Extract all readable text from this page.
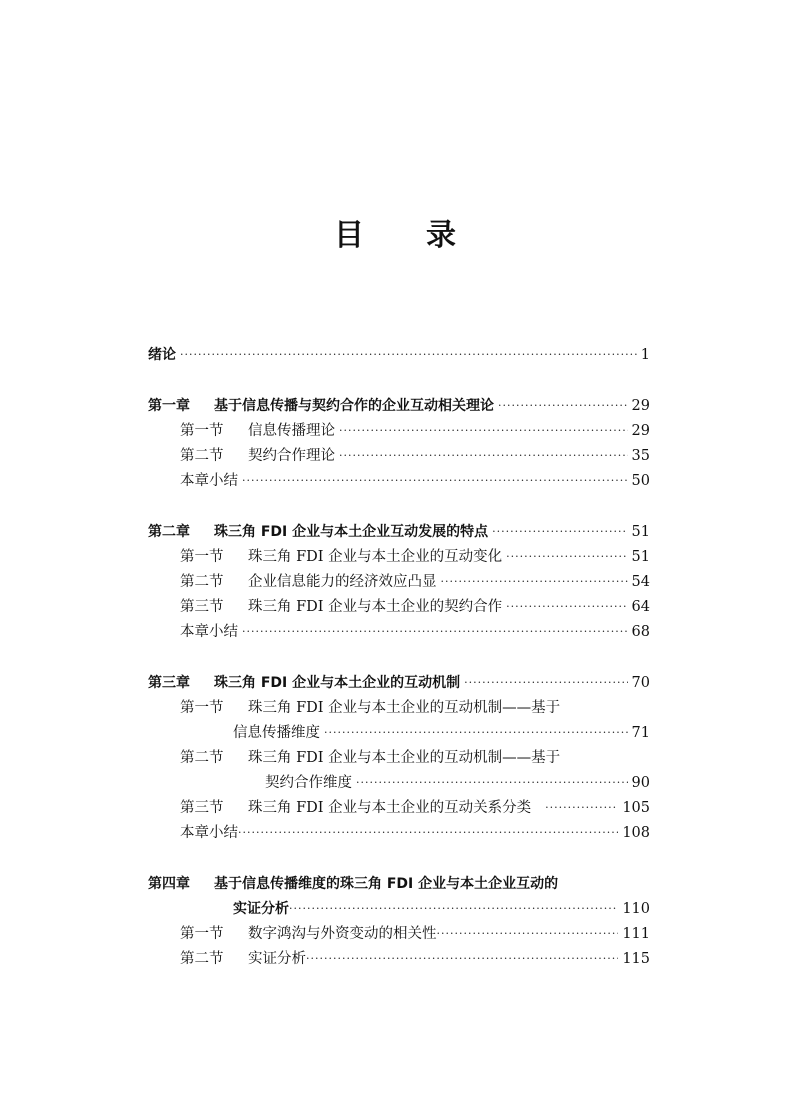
目 录
绪论 ·····	1
第一章 基于信息传播与契约合作的企业互动相关理论 ·····	29
第一节 信息传播理论 ·····	29
第二节 契约合作理论 ·····	35
本章小结 ·····	50
第二章 珠三角 FDI 企业与本土企业互动发展的特点 ·····	51
第一节 珠三角 FDI 企业与本土企业的互动变化 ·····	51
第二节 企业信息能力的经济效应凸显 ·····	54
第三节 珠三角 FDI 企业与本土企业的契约合作 ·····	64
本章小结 ·····	68
第三章 珠三角 FDI 企业与本土企业的互动机制 ·····	70
第一节 珠三角 FDI 企业与本土企业的互动机制——基于
信息传播维度 ·····	71
第二节 珠三角 FDI 企业与本土企业的互动机制——基于
契约合作维度 ·····	90
第三节 珠三角 FDI 企业与本土企业的互动关系分类 ·····	105
本章小结 ·····	108
第四章 基于信息传播维度的珠三角 FDI 企业与本土企业互动的
实证分析 ·····	110
第一节 数字鸿沟与外资变动的相关性 ·····	111
第二节 实证分析 ·····	115
